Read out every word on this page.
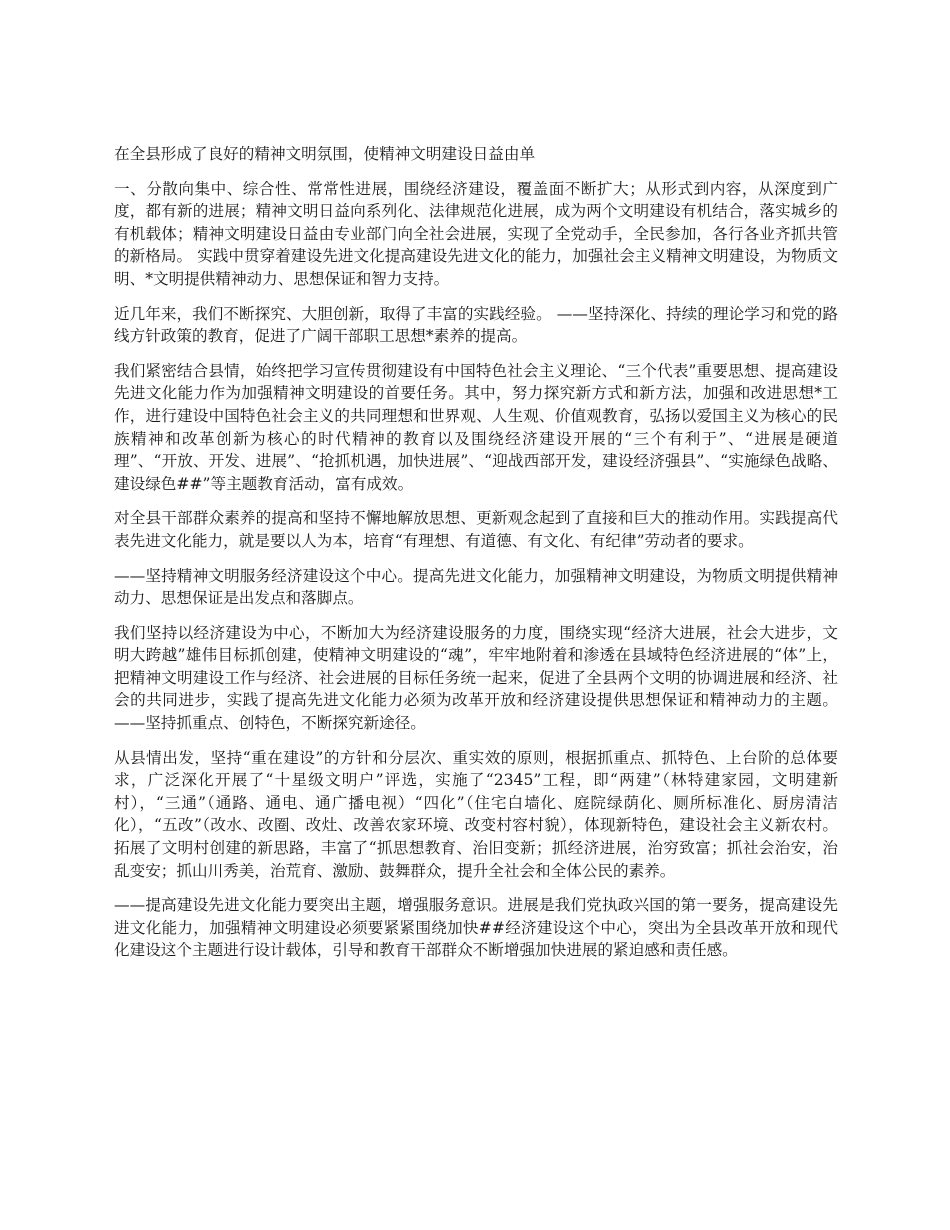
在全县形成了良好的精神文明氛围，使精神文明建设日益由单

一、分散向集中、综合性、常常性进展，围绕经济建设，覆盖面不断扩大；从形式到内容，从深度到广度，都有新的进展；精神文明日益向系列化、法律规范化进展，成为两个文明建设有机结合，落实城乡的有机载体；精神文明建设日益由专业部门向全社会进展，实现了全党动手，全民参加，各行各业齐抓共管的新格局。 实践中贯穿着建设先进文化提高建设先进文化的能力，加强社会主义精神文明建设，为物质文明、*文明提供精神动力、思想保证和智力支持。

近几年来，我们不断探究、大胆创新，取得了丰富的实践经验。 ——坚持深化、持续的理论学习和党的路线方针政策的教育，促进了广阔干部职工思想*素养的提高。

我们紧密结合县情，始终把学习宣传贯彻建设有中国特色社会主义理论、“三个代表”重要思想、提高建设先进文化能力作为加强精神文明建设的首要任务。其中，努力探究新方式和新方法，加强和改进思想*工作，进行建设中国特色社会主义的共同理想和世界观、人生观、价值观教育，弘扬以爱国主义为核心的民族精神和改革创新为核心的时代精神的教育以及围绕经济建设开展的“三个有利于”、“进展是硬道理”、“开放、开发、进展”、“抢抓机遇，加快进展”、“迎战西部开发，建设经济强县”、“实施绿色战略、建设绿色##”等主题教育活动，富有成效。

对全县干部群众素养的提高和坚持不懈地解放思想、更新观念起到了直接和巨大的推动作用。实践提高代表先进文化能力，就是要以人为本，培育“有理想、有道德、有文化、有纪律”劳动者的要求。

——坚持精神文明服务经济建设这个中心。提高先进文化能力，加强精神文明建设，为物质文明提供精神动力、思想保证是出发点和落脚点。

我们坚持以经济建设为中心，不断加大为经济建设服务的力度，围绕实现“经济大进展，社会大进步，文明大跨越”雄伟目标抓创建，使精神文明建设的“魂”，牢牢地附着和渗透在县域特色经济进展的“体”上，把精神文明建设工作与经济、社会进展的目标任务统一起来，促进了全县两个文明的协调进展和经济、社会的共同进步，实践了提高先进文化能力必须为改革开放和经济建设提供思想保证和精神动力的主题。 ——坚持抓重点、创特色，不断探究新途径。

从县情出发，坚持“重在建设”的方针和分层次、重实效的原则，根据抓重点、抓特色、上台阶的总体要求，广泛深化开展了“十星级文明户”评选，实施了“2345”工程，即“两建”（林特建家园，文明建新村），“三通”（通路、通电、通广播电视）“四化”（住宅白墙化、庭院绿荫化、厕所标准化、厨房清洁化），“五改”（改水、改圈、改灶、改善农家环境、改变村容村貌），体现新特色，建设社会主义新农村。拓展了文明村创建的新思路，丰富了“抓思想教育、治旧变新；抓经济进展，治穷致富；抓社会治安，治乱变安；抓山川秀美，治荒育、激励、鼓舞群众，提升全社会和全体公民的素养。

——提高建设先进文化能力要突出主题，增强服务意识。进展是我们党执政兴国的第一要务，提高建设先进文化能力，加强精神文明建设必须要紧紧围绕加快##经济建设这个中心，突出为全县改革开放和现代化建设这个主题进行设计载体，引导和教育干部群众不断增强加快进展的紧迫感和责任感。
